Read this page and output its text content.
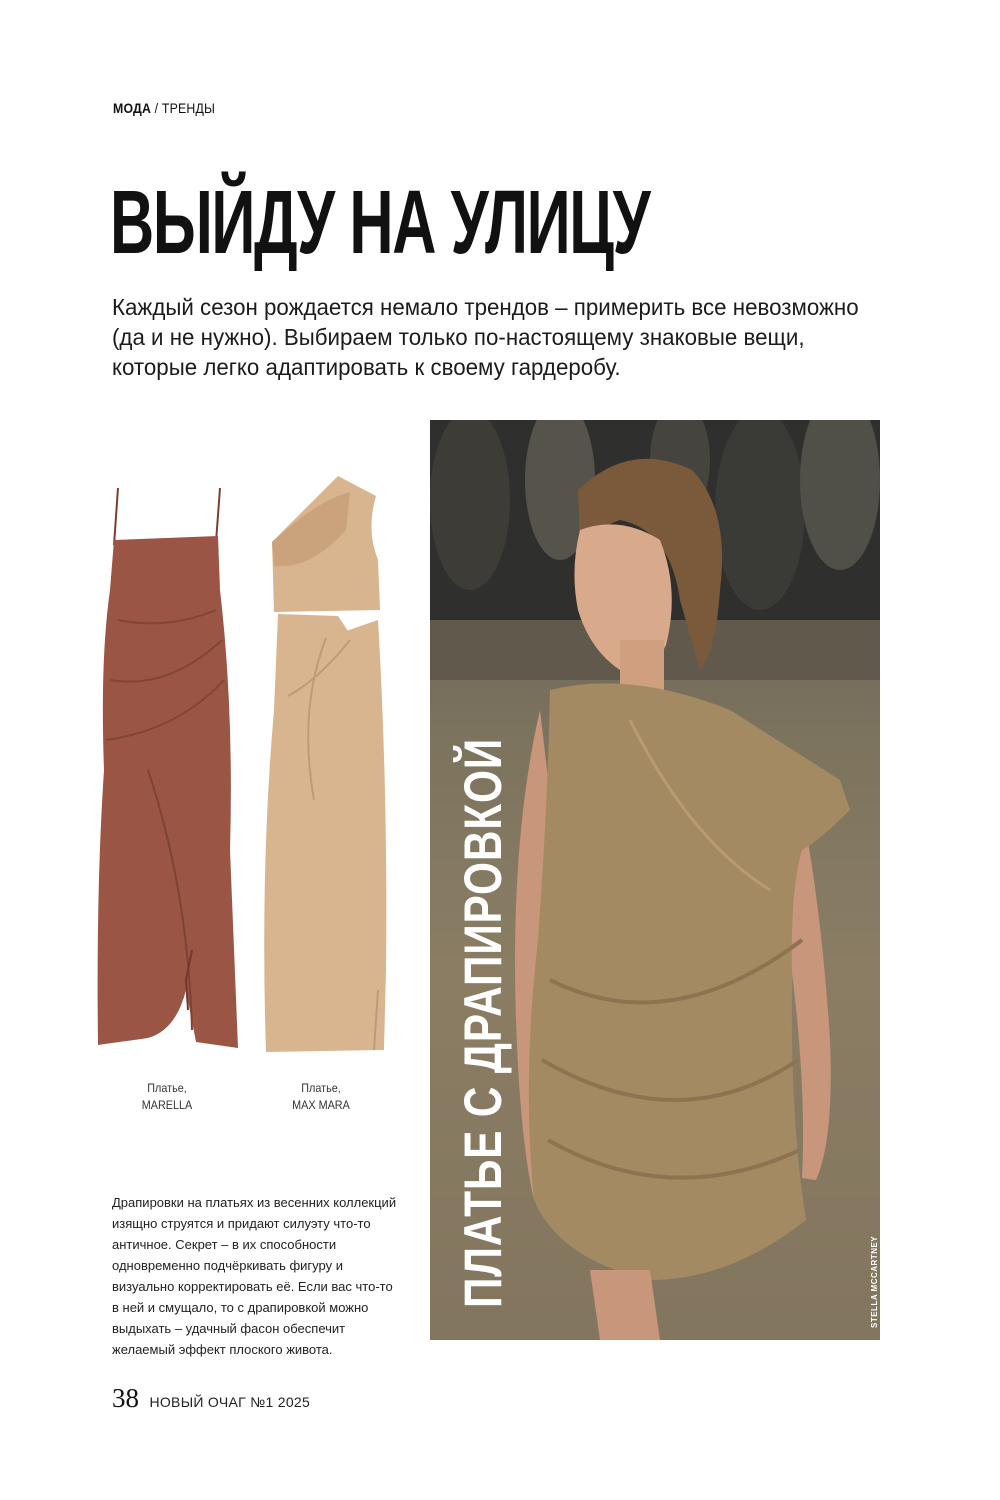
МОДА / ТРЕНДЫ
ВЫЙДУ НА УЛИЦУ
Каждый сезон рождается немало трендов – примерить все невозможно (да и не нужно). Выбираем только по-настоящему знаковые вещи, которые легко адаптировать к своему гардеробу.
Платье,
MARELLA
Платье,
MAX MARA
Драпировки на платьях из весенних коллекций изящно струятся и придают силуэту что-то античное. Секрет – в их способности одновременно подчёркивать фигуру и визуально корректировать её. Если вас что-то в ней и смущало, то с драпировкой можно выдыхать – удачный фасон обеспечит желаемый эффект плоского живота.
ПЛАТЬЕ С ДРАПИРОВКОЙ	STELLA MCCARTNEY
38 НОВЫЙ ОЧАГ №1 2025
